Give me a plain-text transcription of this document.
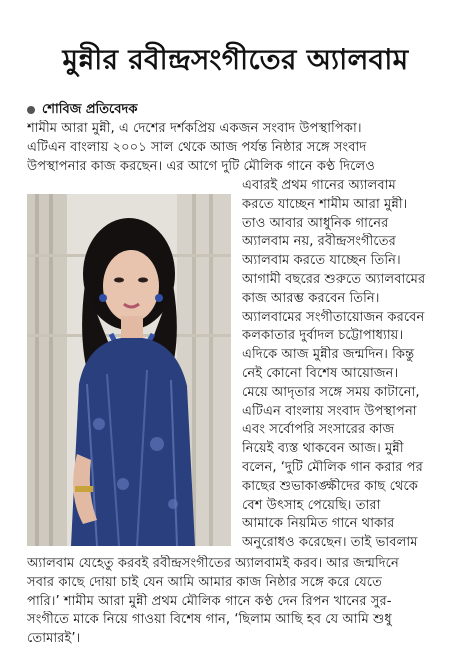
মুন্নীর রবীন্দ্রসংগীতের অ্যালবাম
শোবিজ প্রতিবেদক
শামীম আরা মুন্নী, এ দেশের দর্শকপ্রিয় একজন সংবাদ উপস্থাপিকা।
এটিএন বাংলায় ২০০১ সাল থেকে আজ পর্যন্ত নিষ্ঠার সঙ্গে সংবাদ
উপস্থাপনার কাজ করছেন। এর আগে দুটি মৌলিক গানে কণ্ঠ দিলেও
এবারই প্রথম গানের অ্যালবাম
করতে যাচ্ছেন শামীম আরা মুন্নী।
তাও আবার আধুনিক গানের
অ্যালবাম নয়, রবীন্দ্রসংগীতের
অ্যালবাম করতে যাচ্ছেন তিনি।
আগামী বছরের শুরুতে অ্যালবামের
কাজ আরম্ভ করবেন তিনি।
অ্যালবামের সংগীতায়োজন করবেন
কলকাতার দুর্বাদল চট্টোপাধ্যায়।
এদিকে আজ মুন্নীর জন্মদিন। কিন্তু
নেই কোনো বিশেষ আয়োজন।
মেয়ে আদৃতার সঙ্গে সময় কাটানো,
এটিএন বাংলায় সংবাদ উপস্থাপনা
এবং সর্বোপরি সংসারের কাজ
নিয়েই ব্যস্ত থাকবেন আজ। মুন্নী
বলেন, ‘দুটি মৌলিক গান করার পর
কাছের শুভাকাঙ্ক্ষীদের কাছ থেকে
বেশ উৎসাহ পেয়েছি। তারা
আমাকে নিয়মিত গানে থাকার
অনুরোধও করেছেন। তাই ভাবলাম
অ্যালবাম যেহেতু করবই রবীন্দ্রসংগীতের অ্যালবামই করব। আর জন্মদিনে
সবার কাছে দোয়া চাই যেন আমি আমার কাজ নিষ্ঠার সঙ্গে করে যেতে
পারি।’ শামীম আরা মুন্নী প্রথম মৌলিক গানে কণ্ঠ দেন রিপন খানের সুর-
সংগীতে মাকে নিয়ে গাওয়া বিশেষ গান, ‘ছিলাম আছি হব যে আমি শুধু
তোমারই’।
